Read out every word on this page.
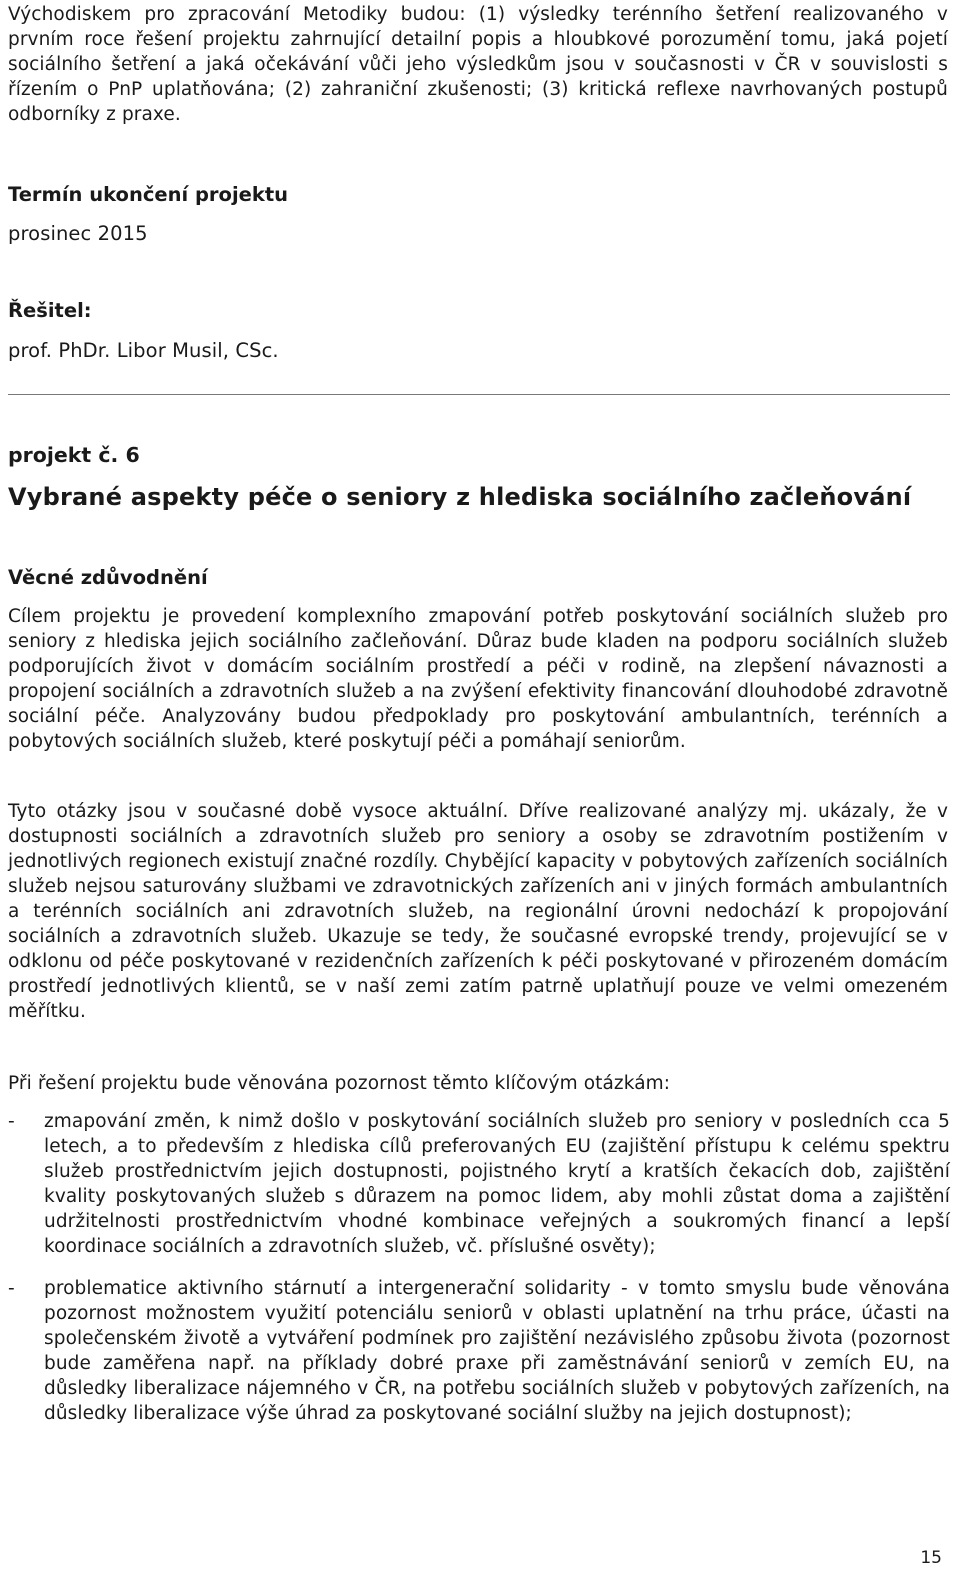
Východiskem pro zpracování Metodiky budou: (1) výsledky terénního šetření realizovaného v prvním roce řešení projektu zahrnující detailní popis a hloubkové porozumění tomu, jaká pojetí sociálního šetření a jaká očekávání vůči jeho výsledkům jsou v současnosti v ČR v souvislosti s řízením o PnP uplatňována; (2) zahraniční zkušenosti; (3) kritická reflexe navrhovaných postupů odborníky z praxe.

Termín ukončení projektu

prosinec 2015

Řešitel:

prof. PhDr. Libor Musil, CSc.

projekt č. 6
Vybrané aspekty péče o seniory z hlediska sociálního začleňování
Věcné zdůvodnění

Cílem projektu je provedení komplexního zmapování potřeb poskytování sociálních služeb pro seniory z hlediska jejich sociálního začleňování. Důraz bude kladen na podporu sociálních služeb podporujících život v domácím sociálním prostředí a péči v rodině, na zlepšení návaznosti a propojení sociálních a zdravotních služeb a na zvýšení efektivity financování dlouhodobé zdravotně sociální péče. Analyzovány budou předpoklady pro poskytování ambulantních, terénních a pobytových sociálních služeb, které poskytují péči a pomáhají seniorům.

Tyto otázky jsou v současné době vysoce aktuální. Dříve realizované analýzy mj. ukázaly, že v dostupnosti sociálních a zdravotních služeb pro seniory a osoby se zdravotním postižením v jednotlivých regionech existují značné rozdíly. Chybějící kapacity v pobytových zařízeních sociálních služeb nejsou saturovány službami ve zdravotnických zařízeních ani v jiných formách ambulantních a terénních sociálních ani zdravotních služeb, na regionální úrovni nedochází k propojování sociálních a zdravotních služeb. Ukazuje se tedy, že současné evropské trendy, projevující se v odklonu od péče poskytované v rezidenčních zařízeních k péči poskytované v přirozeném domácím prostředí jednotlivých klientů, se v naší zemi zatím patrně uplatňují pouze ve velmi omezeném měřítku.

Při řešení projektu bude věnována pozornost těmto klíčovým otázkám:

-	zmapování změn, k nimž došlo v poskytování sociálních služeb pro seniory v posledních cca 5 letech, a to především z hlediska cílů preferovaných EU (zajištění přístupu k celému spektru služeb prostřednictvím jejich dostupnosti, pojistného krytí a kratších čekacích dob, zajištění kvality poskytovaných služeb s důrazem na pomoc lidem, aby mohli zůstat doma a zajištění udržitelnosti prostřednictvím vhodné kombinace veřejných a soukromých financí a lepší koordinace sociálních a zdravotních služeb, vč. příslušné osvěty);

-	problematice aktivního stárnutí a intergenerační solidarity - v tomto smyslu bude věnována pozornost možnostem využití potenciálu seniorů v oblasti uplatnění na trhu práce, účasti na společenském životě a vytváření podmínek pro zajištění nezávislého způsobu života (pozornost bude zaměřena např. na příklady dobré praxe při zaměstnávání seniorů v zemích EU, na důsledky liberalizace nájemného v ČR, na potřebu sociálních služeb v pobytových zařízeních, na důsledky liberalizace výše úhrad za poskytované sociální služby na jejich dostupnost);

15
